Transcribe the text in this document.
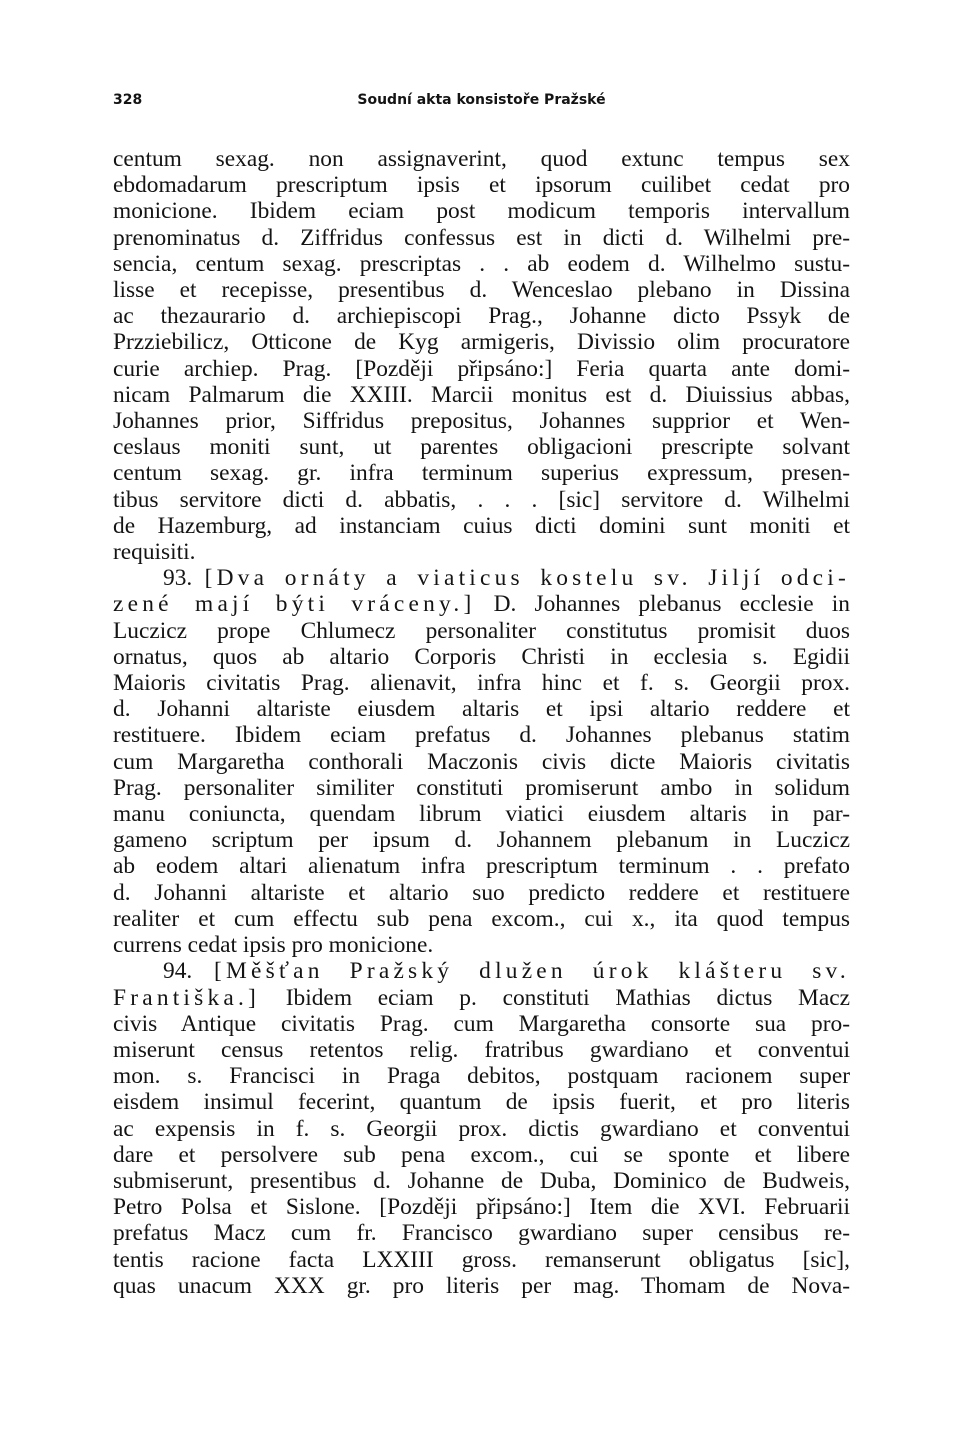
328	Soudní akta konsistoře Pražské
centum sexag. non assignaverint, quod extunc tempus sex
ebdomadarum prescriptum ipsis et ipsorum cuilibet cedat pro
monicione. Ibidem eciam post modicum temporis intervallum
prenominatus d. Ziffridus confessus est in dicti d. Wilhelmi pre-
sencia, centum sexag. prescriptas . . ab eodem d. Wilhelmo sustu-
lisse et recepisse, presentibus d. Wenceslao plebano in Dissina
ac thezaurario d. archiepiscopi Prag., Johanne dicto Pssyk de
Przziebilicz, Otticone de Kyg armigeris, Divissio olim procuratore
curie archiep. Prag. [Později připsáno:] Feria quarta ante domi-
nicam Palmarum die XXIII. Marcii monitus est d. Diuissius abbas,
Johannes prior, Siffridus prepositus, Johannes supprior et Wen-
ceslaus moniti sunt, ut parentes obligacioni prescripte solvant
centum sexag. gr. infra terminum superius expressum, presen-
tibus servitore dicti d. abbatis, . . . [sic] servitore d. Wilhelmi
de Hazemburg, ad instanciam cuius dicti domini sunt moniti et
requisiti.
93. [Dva ornáty a viaticus kostelu sv. Jiljí odci-
zené mají býti vráceny.] D. Johannes plebanus ecclesie in
Luczicz prope Chlumecz personaliter constitutus promisit duos
ornatus, quos ab altario Corporis Christi in ecclesia s. Egidii
Maioris civitatis Prag. alienavit, infra hinc et f. s. Georgii prox.
d. Johanni altariste eiusdem altaris et ipsi altario reddere et
restituere. Ibidem eciam prefatus d. Johannes plebanus statim
cum Margaretha conthorali Maczonis civis dicte Maioris civitatis
Prag. personaliter similiter constituti promiserunt ambo in solidum
manu coniuncta, quendam librum viatici eiusdem altaris in par-
gameno scriptum per ipsum d. Johannem plebanum in Luczicz
ab eodem altari alienatum infra prescriptum terminum . . prefato
d. Johanni altariste et altario suo predicto reddere et restituere
realiter et cum effectu sub pena excom., cui x., ita quod tempus
currens cedat ipsis pro monicione.
94. [Měšťan Pražský dlužen úrok klášteru sv.
Františka.] Ibidem eciam p. constituti Mathias dictus Macz
civis Antique civitatis Prag. cum Margaretha consorte sua pro-
miserunt census retentos relig. fratribus gwardiano et conventui
mon. s. Francisci in Praga debitos, postquam racionem super
eisdem insimul fecerint, quantum de ipsis fuerit, et pro literis
ac expensis in f. s. Georgii prox. dictis gwardiano et conventui
dare et persolvere sub pena excom., cui se sponte et libere
submiserunt, presentibus d. Johanne de Duba, Dominico de Budweis,
Petro Polsa et Sislone. [Později připsáno:] Item die XVI. Februarii
prefatus Macz cum fr. Francisco gwardiano super censibus re-
tentis racione facta LXXIII gross. remanserunt obligatus [sic],
quas unacum XXX gr. pro literis per mag. Thomam de Nova-
